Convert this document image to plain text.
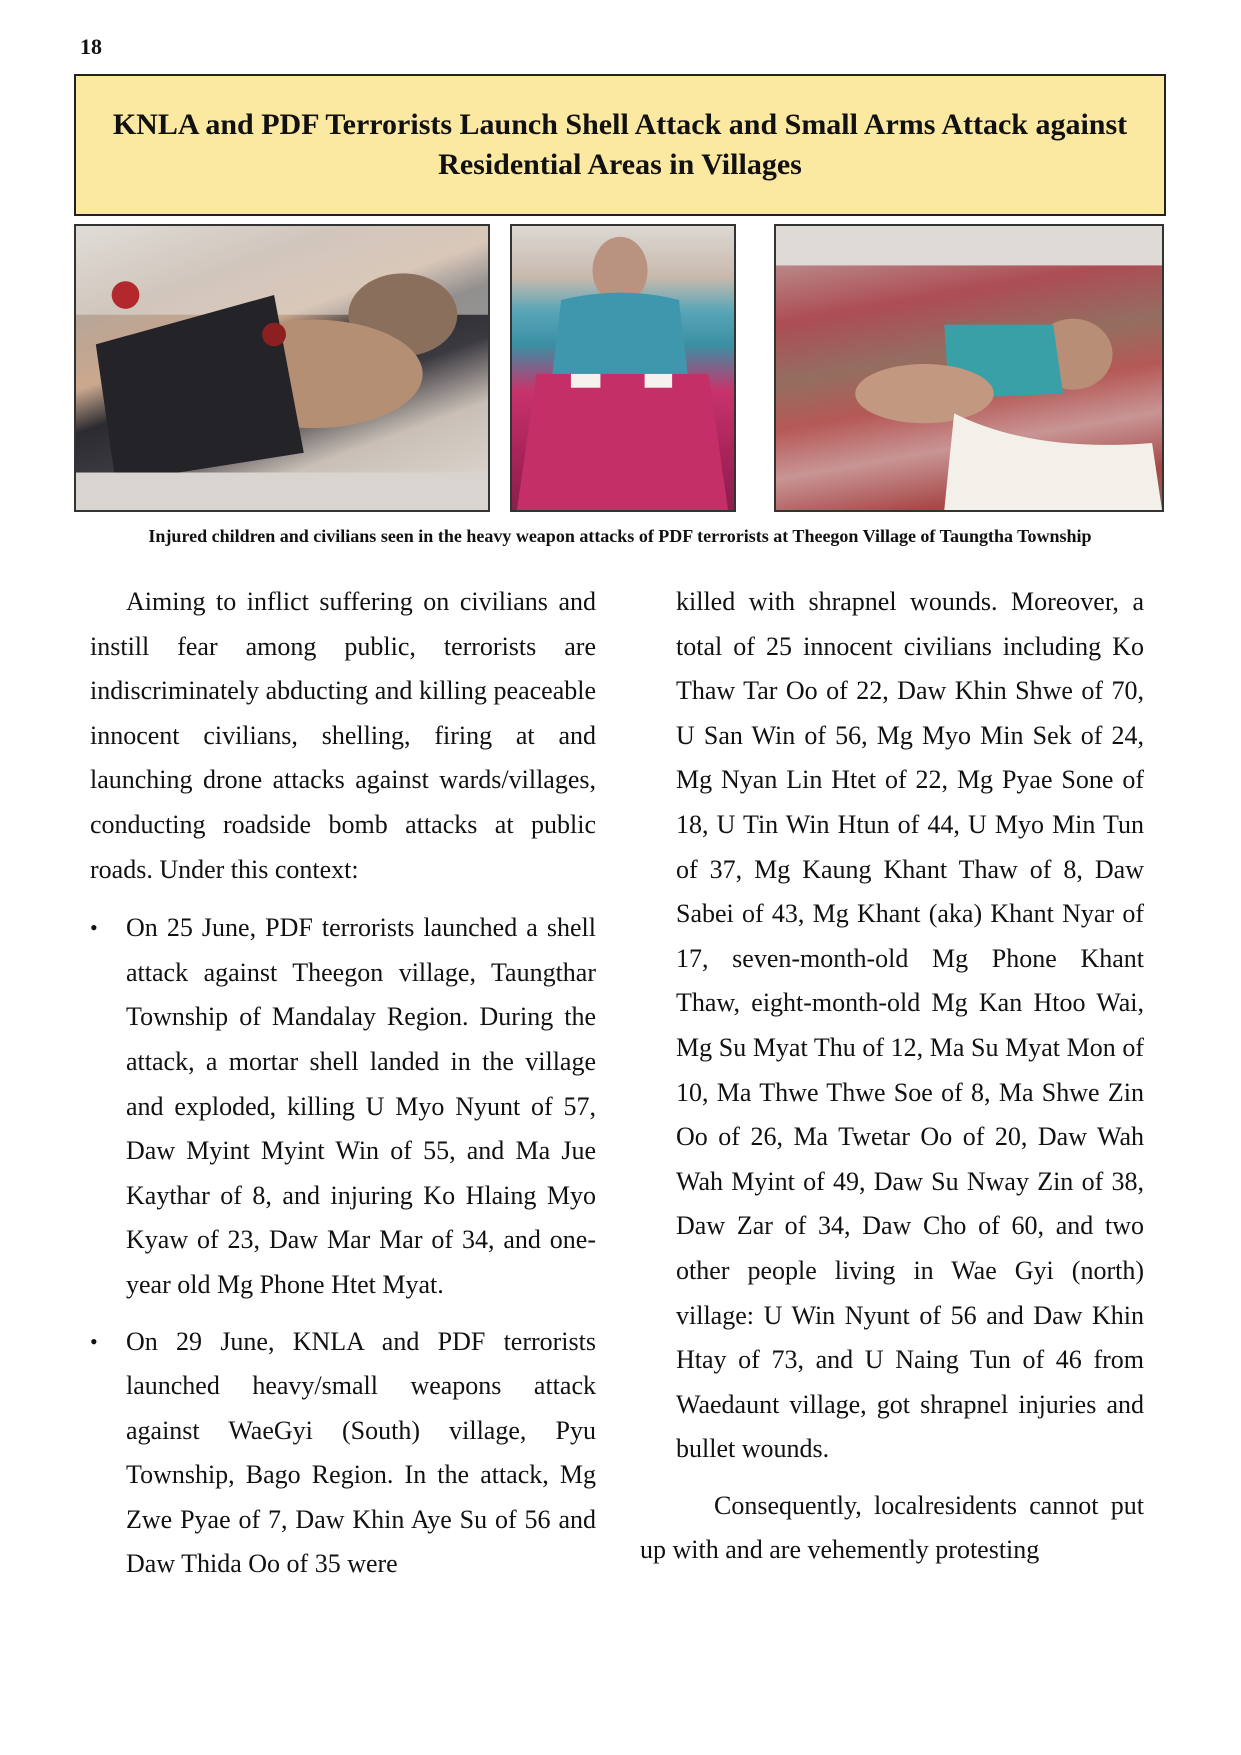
18
KNLA and PDF Terrorists Launch Shell Attack and Small Arms Attack against Residential Areas in Villages
Injured children and civilians seen in the heavy weapon attacks of PDF terrorists at Theegon Village of Taungtha Township

Aiming to inflict suffering on civilians and instill fear among public, terrorists are indiscriminately abducting and killing peaceable innocent civilians, shelling, firing at and launching drone attacks against wards/villages, conducting roadside bomb attacks at public roads. Under this context:

• On 25 June, PDF terrorists launched a shell attack against Theegon village, Taungthar Township of Mandalay Region. During the attack, a mortar shell landed in the village and exploded, killing U Myo Nyunt of 57, Daw Myint Myint Win of 55, and Ma Jue Kaythar of 8, and injuring Ko Hlaing Myo Kyaw of 23, Daw Mar Mar of 34, and one-year old Mg Phone Htet Myat.
• On 29 June, KNLA and PDF terrorists launched heavy/small weapons attack against WaeGyi (South) village, Pyu Township, Bago Region. In the attack, Mg Zwe Pyae of 7, Daw Khin Aye Su of 56 and Daw Thida Oo of 35 were

killed with shrapnel wounds. Moreover, a total of 25 innocent civilians including Ko Thaw Tar Oo of 22, Daw Khin Shwe of 70, U San Win of 56, Mg Myo Min Sek of 24, Mg Nyan Lin Htet of 22, Mg Pyae Sone of 18, U Tin Win Htun of 44, U Myo Min Tun of 37, Mg Kaung Khant Thaw of 8, Daw Sabei of 43, Mg Khant (aka) Khant Nyar of 17, seven-month-old Mg Phone Khant Thaw, eight-month-old Mg Kan Htoo Wai, Mg Su Myat Thu of 12, Ma Su Myat Mon of 10, Ma Thwe Thwe Soe of 8, Ma Shwe Zin Oo of 26, Ma Twetar Oo of 20, Daw Wah Wah Myint of 49, Daw Su Nway Zin of 38, Daw Zar of 34, Daw Cho of 60, and two other people living in Wae Gyi (north) village: U Win Nyunt of 56 and Daw Khin Htay of 73, and U Naing Tun of 46 from Waedaunt village, got shrapnel injuries and bullet wounds.

Consequently, localresidents cannot put up with and are vehemently protesting
